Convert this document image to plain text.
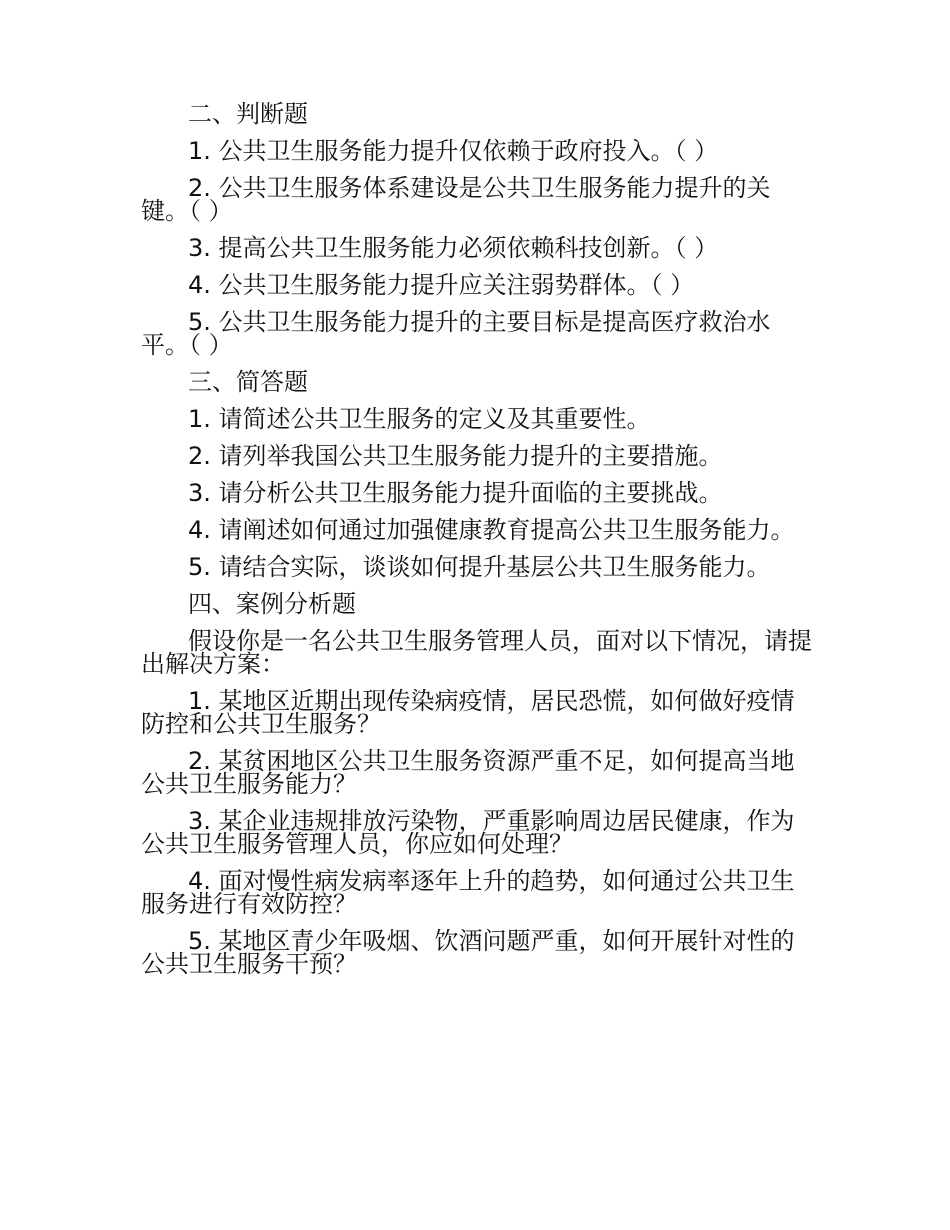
二、判断题

1. 公共卫生服务能力提升仅依赖于政府投入。（ ）

2. 公共卫生服务体系建设是公共卫生服务能力提升的关键。（ ）

3. 提高公共卫生服务能力必须依赖科技创新。（ ）

4. 公共卫生服务能力提升应关注弱势群体。（ ）

5. 公共卫生服务能力提升的主要目标是提高医疗救治水平。（ ）

三、简答题

1. 请简述公共卫生服务的定义及其重要性。

2. 请列举我国公共卫生服务能力提升的主要措施。

3. 请分析公共卫生服务能力提升面临的主要挑战。

4. 请阐述如何通过加强健康教育提高公共卫生服务能力。

5. 请结合实际，谈谈如何提升基层公共卫生服务能力。

四、案例分析题

假设你是一名公共卫生服务管理人员，面对以下情况，请提出解决方案：

1. 某地区近期出现传染病疫情，居民恐慌，如何做好疫情防控和公共卫生服务？

2. 某贫困地区公共卫生服务资源严重不足，如何提高当地公共卫生服务能力？

3. 某企业违规排放污染物，严重影响周边居民健康，作为公共卫生服务管理人员，你应如何处理？

4. 面对慢性病发病率逐年上升的趋势，如何通过公共卫生服务进行有效防控？

5. 某地区青少年吸烟、饮酒问题严重，如何开展针对性的公共卫生服务干预？
